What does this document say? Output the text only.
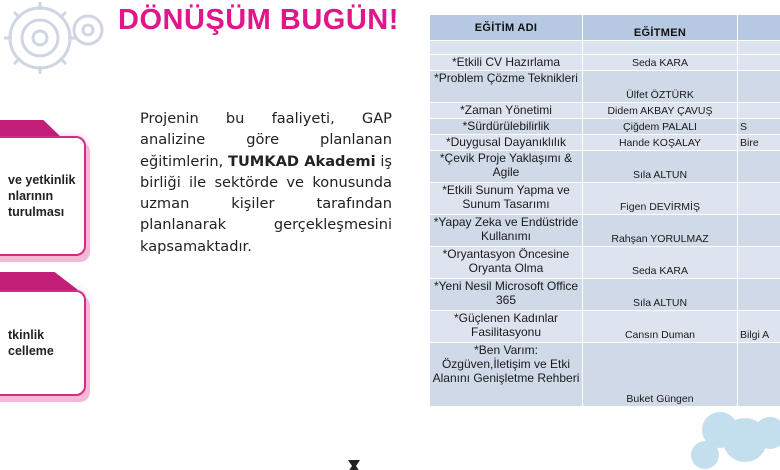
DÖNÜŞÜM BUGÜN!
Projenin bu faaliyeti, GAP analizine göre planlanan eğitimlerin, TUMKAD Akademi iş birliği ile sektörde ve konusunda uzman kişiler tarafından planlanarak gerçekleşmesini kapsamaktadır.
ve yetkinlik
nlarının
turulması
tkinlik
celleme
EĞİTİM ADI	EĞİTMEN	

*Etkili CV Hazırlama	Seda KARA	
*Problem Çözme Teknikleri	Ülfet ÖZTÜRK	
*Zaman Yönetimi	Didem AKBAY ÇAVUŞ	
*Sürdürülebilirlik	Çiğdem PALALI	S
*Duygusal Dayanıklılık	Hande KOŞALAY	Bire
*Çevik Proje Yaklaşımı & Agile	Sıla ALTUN	
*Etkili Sunum Yapma ve Sunum Tasarımı	Figen DEVİRMİŞ	
*Yapay Zeka ve Endüstride Kullanımı	Rahşan YORULMAZ	
*Oryantasyon Öncesine Oryanta Olma	Seda KARA	
*Yeni Nesil Microsoft Office 365	Sıla ALTUN	
*Güçlenen Kadınlar Fasilitasyonu	Cansın Duman	Bilgi A
*Ben Varım: Özgüven,İletişim ve Etki Alanını Genişletme Rehberi	Buket Güngen	
